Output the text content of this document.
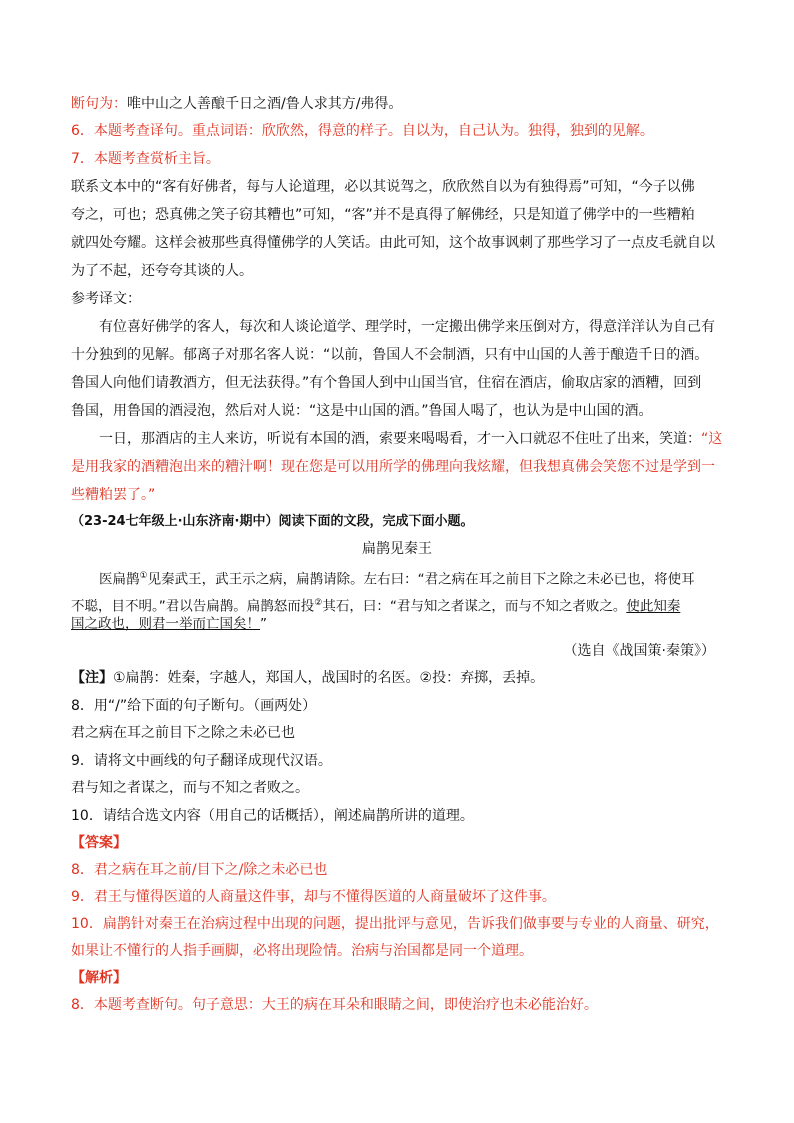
断句为：唯中山之人善酿千日之酒/鲁人求其方/弗得。
6．本题考查译句。重点词语：欣欣然，得意的样子。自以为，自己认为。独得，独到的见解。
7．本题考查赏析主旨。
联系文本中的“客有好佛者，每与人论道理，必以其说驾之，欣欣然自以为有独得焉”可知，“今子以佛
夸之，可也；恐真佛之笑子窃其糟也”可知，“客”并不是真得了解佛经，只是知道了佛学中的一些糟粕
就四处夸耀。这样会被那些真得懂佛学的人笑话。由此可知，这个故事讽刺了那些学习了一点皮毛就自以
为了不起，还夸夸其谈的人。
参考译文：
有位喜好佛学的客人，每次和人谈论道学、理学时，一定搬出佛学来压倒对方，得意洋洋认为自己有
十分独到的见解。郁离子对那名客人说：“以前，鲁国人不会制酒，只有中山国的人善于酿造千日的酒。
鲁国人向他们请教酒方，但无法获得。”有个鲁国人到中山国当官，住宿在酒店，偷取店家的酒糟，回到
鲁国，用鲁国的酒浸泡，然后对人说：“这是中山国的酒。”鲁国人喝了，也认为是中山国的酒。
一日，那酒店的主人来访，听说有本国的酒，索要来喝喝看，才一入口就忍不住吐了出来，笑道：“这
是用我家的酒糟泡出来的糟汁啊！现在您是可以用所学的佛理向我炫耀，但我想真佛会笑您不过是学到一
些糟粕罢了。”
（23-24七年级上·山东济南·期中）阅读下面的文段，完成下面小题。
扁鹊见秦王
医扁鹊①见秦武王，武王示之病，扁鹊请除。左右曰：“君之病在耳之前目下之除之未必已也，将使耳
不聪，目不明。”君以告扁鹊。扁鹊怒而投②其石，曰：“君与知之者谋之，而与不知之者败之。使此知秦
国之政也，则君一举而亡国矣！”
（选自《战国策·秦策》）
【注】①扁鹊：姓秦，字越人，郑国人，战国时的名医。②投：弃掷，丢掉。
8．用“/”给下面的句子断句。（画两处）
君之病在耳之前目下之除之未必已也
9．请将文中画线的句子翻译成现代汉语。
君与知之者谋之，而与不知之者败之。
10．请结合选文内容（用自己的话概括），阐述扁鹊所讲的道理。
【答案】
8．君之病在耳之前/目下之/除之未必已也
9．君王与懂得医道的人商量这件事，却与不懂得医道的人商量破坏了这件事。
10．扁鹊针对秦王在治病过程中出现的问题，提出批评与意见，告诉我们做事要与专业的人商量、研究，
如果让不懂行的人指手画脚，必将出现险情。治病与治国都是同一个道理。
【解析】
8．本题考查断句。句子意思：大王的病在耳朵和眼睛之间，即使治疗也未必能治好。
